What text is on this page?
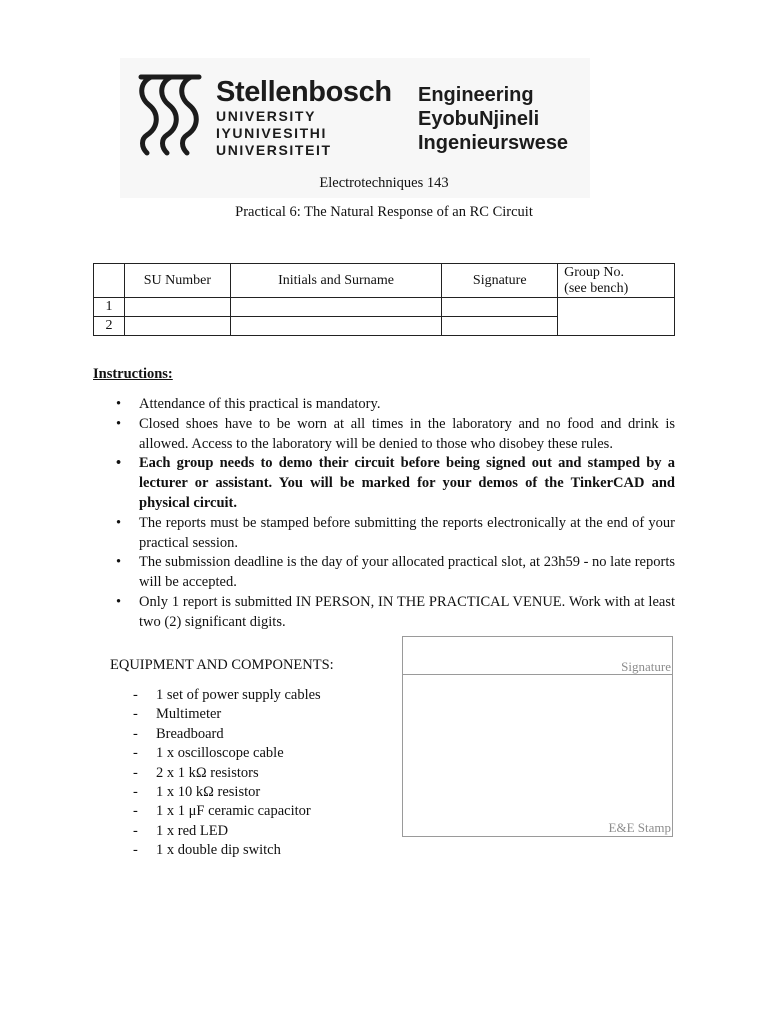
Stellenbosch
UNIVERSITY
IYUNIVESITHI
UNIVERSITEIT
Engineering
EyobuNjineli
Ingenieurswese
Electrotechniques 143
Practical 6: The Natural Response of an RC Circuit
	SU Number	Initials and Surname	Signature	Group No.
(see bench)
1				
2				
Instructions:
• Attendance of this practical is mandatory.
• Closed shoes have to be worn at all times in the laboratory and no food and drink is allowed. Access to the laboratory will be denied to those who disobey these rules.
• Each group needs to demo their circuit before being signed out and stamped by a lecturer or assistant. You will be marked for your demos of the TinkerCAD and physical circuit.
• The reports must be stamped before submitting the reports electronically at the end of your practical session.
• The submission deadline is the day of your allocated practical slot, at 23h59 - no late reports will be accepted.
• Only 1 report is submitted IN PERSON, IN THE PRACTICAL VENUE. Work with at least two (2) significant digits.
EQUIPMENT AND COMPONENTS:
- 1 set of power supply cables
- Multimeter
- Breadboard
- 1 x oscilloscope cable
- 2 x 1 kΩ resistors
- 1 x 10 kΩ resistor
- 1 x 1 μF ceramic capacitor
- 1 x red LED
- 1 x double dip switch
Signature
E&E Stamp
